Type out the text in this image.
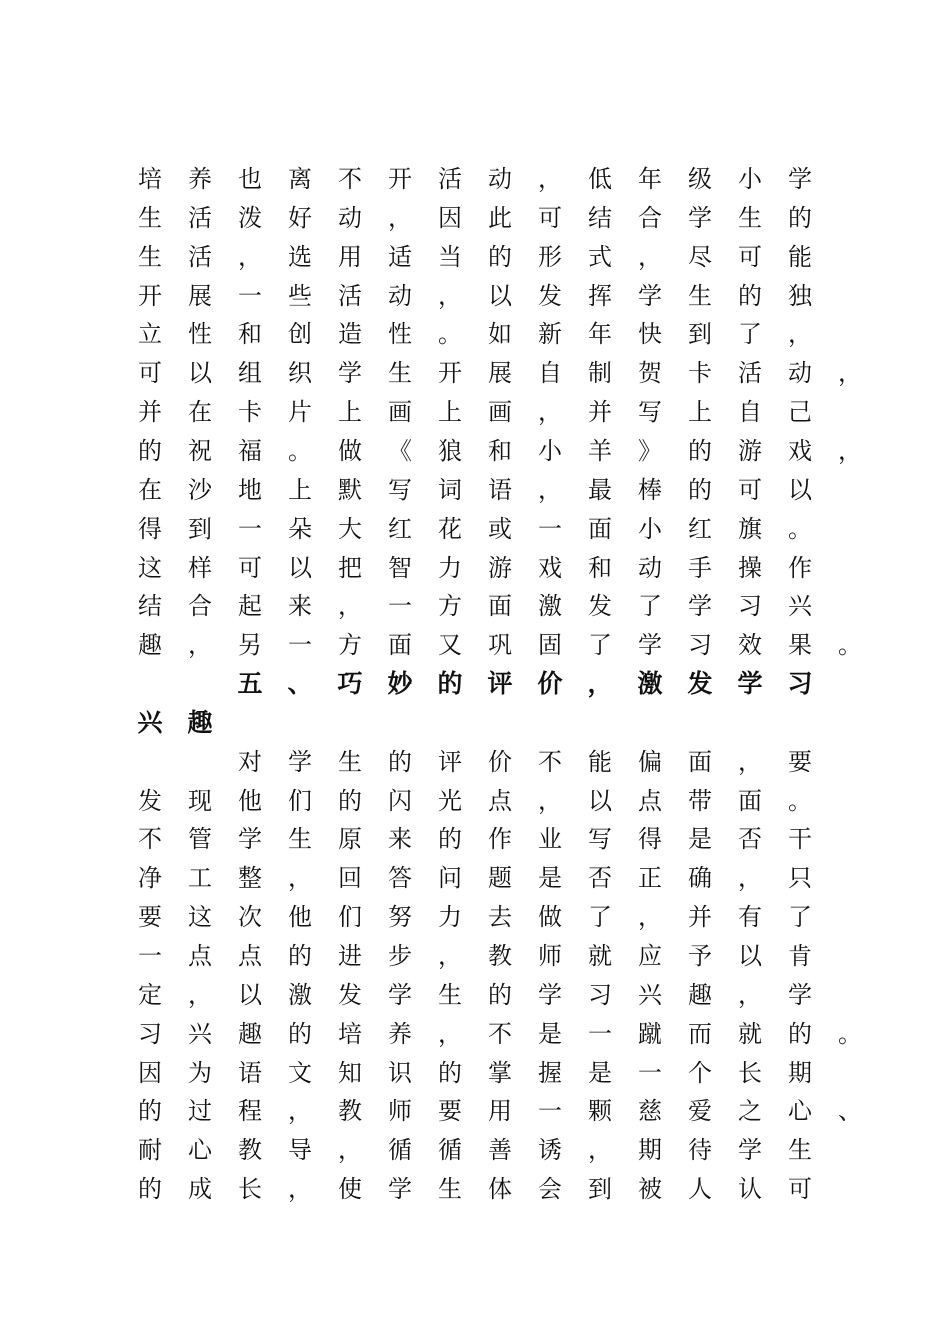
培 养 也 离 不 开 活 动 ， 低 年 级 小 学
生 活 泼 好 动 ， 因 此 可 结 合 学 生 的
生 活 ， 选 用 适 当 的 形 式 ， 尽 可 能
开 展 一 些 活 动 ， 以 发 挥 学 生 的 独
立 性 和 创 造 性 。 如 新 年 快 到 了 ，
可 以 组 织 学 生 开 展 自 制 贺 卡 活 动 ，
并 在 卡 片 上 画 上 画 ， 并 写 上 自 己
的 祝 福 。 做 《 狼 和 小 羊 》 的 游 戏 ，
在 沙 地 上 默 写 词 语 ， 最 棒 的 可 以
得 到 一 朵 大 红 花 或 一 面 小 红 旗 。
这 样 可 以 把 智 力 游 戏 和 动 手 操 作
结 合 起 来 ， 一 方 面 激 发 了 学 习 兴
趣 ， 另 一 方 面 又 巩 固 了 学 习 效 果 。
五 、 巧 妙 的 评 价 ， 激 发 学 习
兴 趣
对 学 生 的 评 价 不 能 偏 面 ， 要
发 现 他 们 的 闪 光 点 ， 以 点 带 面 。
不 管 学 生 原 来 的 作 业 写 得 是 否 干
净 工 整 ， 回 答 问 题 是 否 正 确 ， 只
要 这 次 他 们 努 力 去 做 了 ， 并 有 了
一 点 点 的 进 步 ， 教 师 就 应 予 以 肯
定 ， 以 激 发 学 生 的 学 习 兴 趣 ， 学
习 兴 趣 的 培 养 ， 不 是 一 蹴 而 就 的 。
因 为 语 文 知 识 的 掌 握 是 一 个 长 期
的 过 程 ， 教 师 要 用 一 颗 慈 爱 之 心 、
耐 心 教 导 ， 循 循 善 诱 ， 期 待 学 生
的 成 长 ， 使 学 生 体 会 到 被 人 认 可
